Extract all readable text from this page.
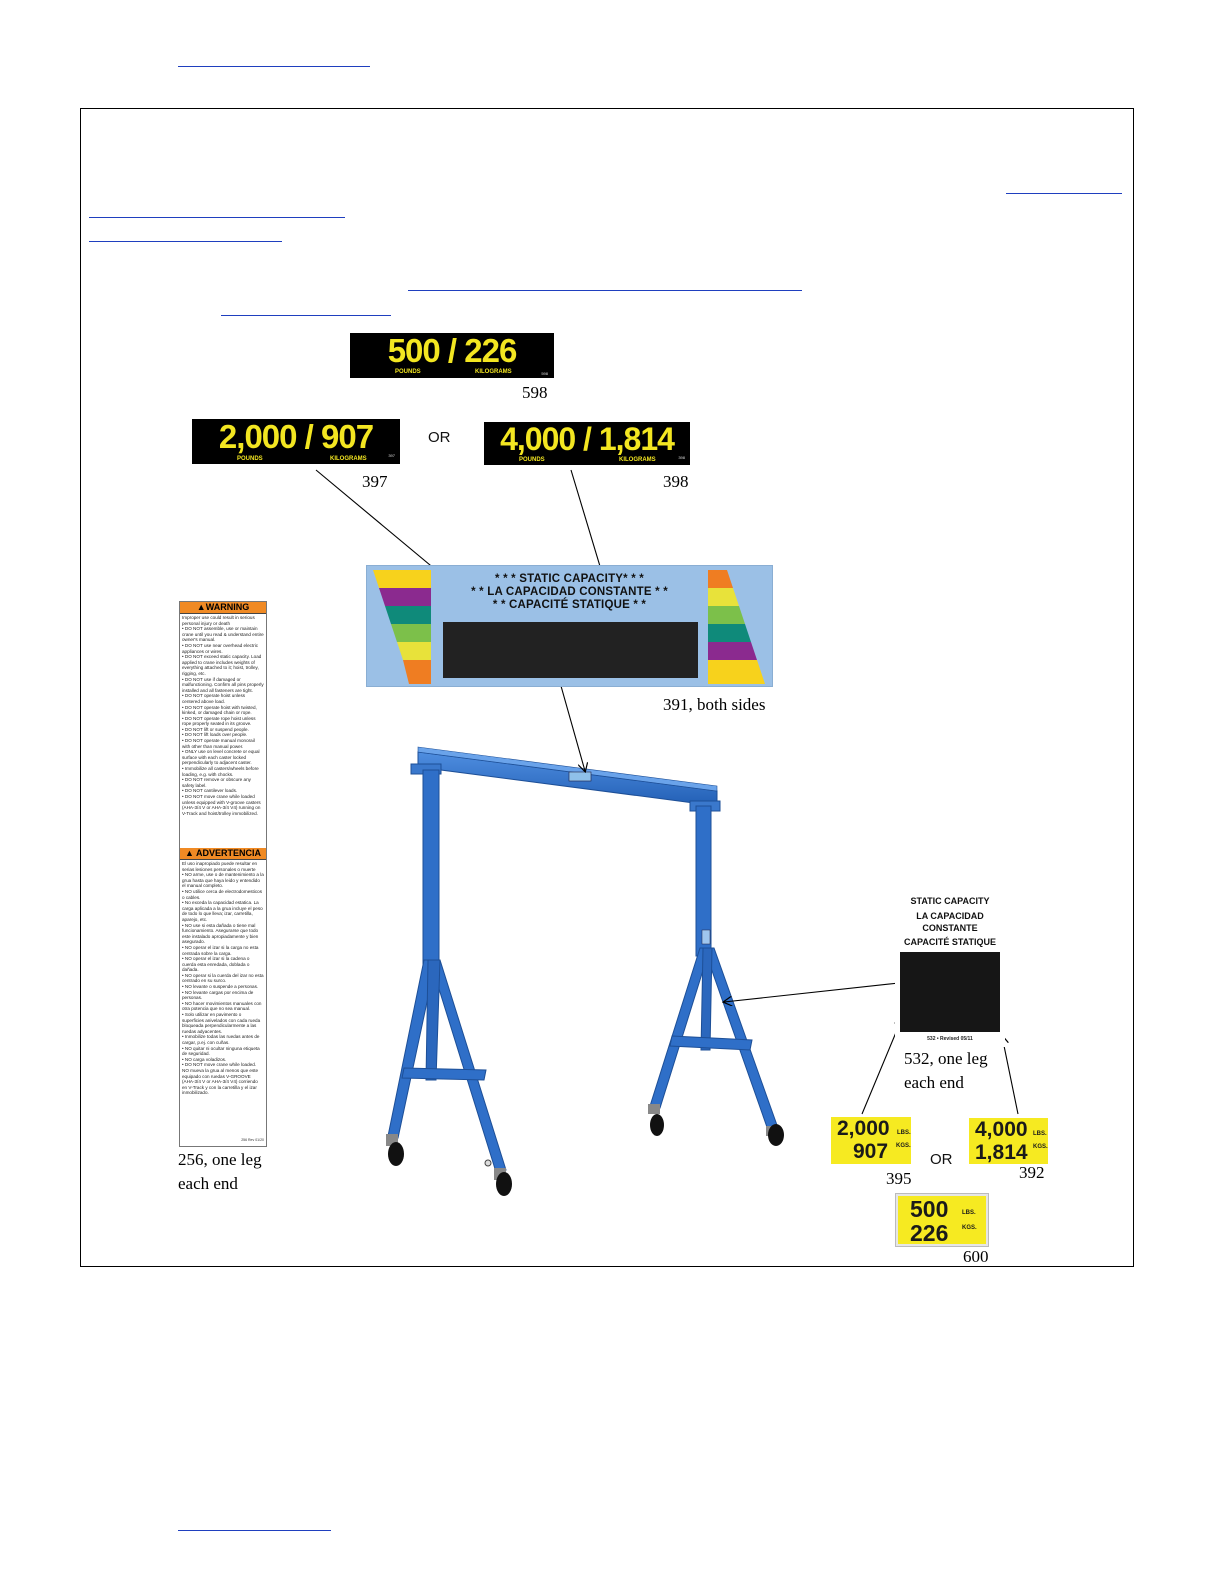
500 / 226
POUNDS	KILOGRAMS	598
598
2,000 / 907
POUNDS	KILOGRAMS
397
OR
397
4,000 / 1,814
POUNDS	KILOGRAMS	398
398
* * * STATIC CAPACITY* * *
* * LA CAPACIDAD CONSTANTE * *
* * CAPACITÉ STATIQUE * *
391, both sides
▲WARNING
Improper use could result in serious personal injury or death
• DO NOT assemble, use or maintain crane until you read & understand entire owner's manual.
• DO NOT use near overhead electric appliances or wires.
• DO NOT exceed static capacity. Load applied to crane includes weights of everything attached to it; hoist, trolley, rigging, etc.
• DO NOT use if damaged or malfunctioning. Confirm all pins properly installed and all fasteners are tight.
• DO NOT operate hoist unless centered above load.
• DO NOT operate hoist with twisted, kinked, or damaged chain or rope.
• DO NOT operate rope hoist unless rope properly seated in its groove.
• DO NOT lift or suspend people.
• DO NOT lift loads over people.
• DO NOT operate manual monorail with other than manual power.
• ONLY use on level concrete or equal surface with each caster locked perpendicularly to adjacent caster.
• Immobilize all casters/wheels before loading, e.g. with chocks.
• DO NOT remove or obscure any safety label.
• DO NOT cantilever loads.
• DO NOT move crane while loaded unless equipped with V-groove casters (AHA-3/4 V or AHA-3/4 V4) running on V-Track and hoist/trolley immobilized.
▲ ADVERTENCIA
El uso inapropiado puede resultar en serias lesiones personales o muerte
• NO arme, use o de mantenimiento a la grua hasta que haya leido y entendido el manual completo.
• NO utilice cerca de electrodomesticos o cables.
• No exceda la capacidad estatica. La carga aplicada a la grua incluye el peso de todo lo que lleva; izar, carretilla, aparejo, etc.
• NO use si esta dañada o tiene mal funcionamiento. Asegurarse que todo este instalado apropiadamente y bien asegurado.
• NO operar el izar si la carga no esta centrada sobre la carga.
• NO operar el izar si la cadena o cuerda esta enredada, doblada o dañada.
• NO operar si la cuerda del izar no esta centrado en su surco.
• NO levante o suspende a personas.
• NO levante cargas por encima de personas.
• NO hacer movimientos manuales con otra potencia que no sea manual.
• Solo utilizar en pavimento o superficies anivelados con cada rueda bloqueada perpendicularmente a las ruedas adyacentes.
• Inmobilize todas las ruedas antes de cargar, p.ej. con cuñas.
• NO quitar ni ocultar ninguna etiqueta de seguridad.
• NO carga voladizos.
• DO NOT move crane while loaded. NO mueva la grua al menos que este equipado con ruedas V-GROOVE (AHA-3/4 V or AHA-3/4 V4) corriendo en V-Track y con la carretilla y el izar inmobilizado.
256 Rev 01/20
256, one leg
each end
STATIC CAPACITY
LA CAPACIDAD
CONSTANTE
CAPACITÉ STATIQUE
532 • Revised 05/11
532, one leg
each end
2,000 LBS.
907 KGS.
OR
395
4,000 LBS.
1,814 KGS.
392
500 LBS.
226 KGS.
600
